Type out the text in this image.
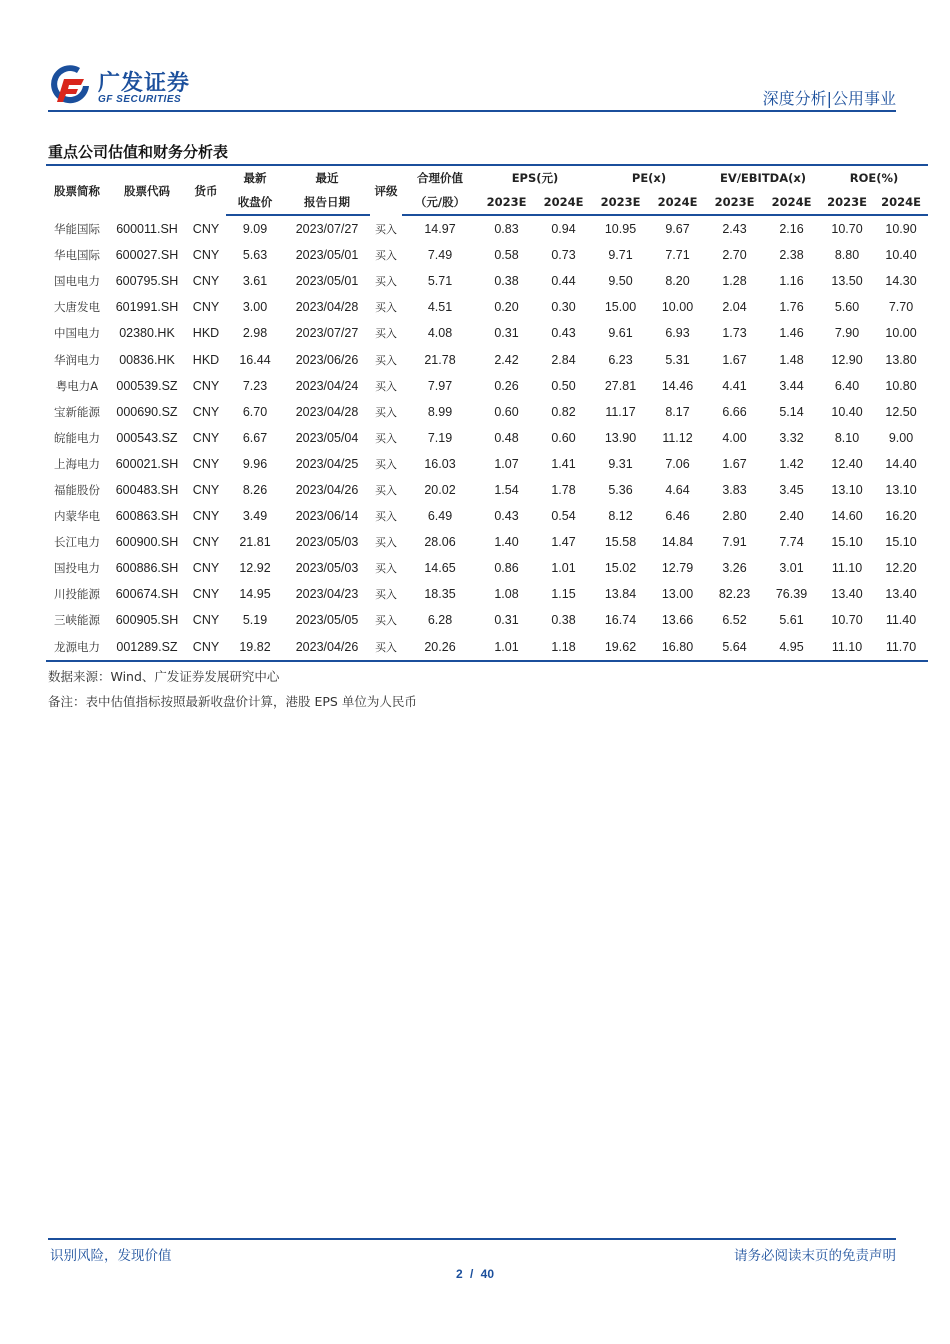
广发证券
GF SECURITIES	深度分析|公用事业
重点公司估值和财务分析表
股票简称	股票代码	货币	最新	最近	评级	合理价值	EPS(元)		PE(x)		EV/EBITDA(x)		ROE(%)	
			收盘价	报告日期		（元/股）	2023E	2024E	2023E	2024E	2023E	2024E	2023E	2024E
华能国际	600011.SH	CNY	9.09	2023/07/27	买入	14.97	0.83	0.94	10.95	9.67	2.43	2.16	10.70	10.90
华电国际	600027.SH	CNY	5.63	2023/05/01	买入	7.49	0.58	0.73	9.71	7.71	2.70	2.38	8.80	10.40
国电电力	600795.SH	CNY	3.61	2023/05/01	买入	5.71	0.38	0.44	9.50	8.20	1.28	1.16	13.50	14.30
大唐发电	601991.SH	CNY	3.00	2023/04/28	买入	4.51	0.20	0.30	15.00	10.00	2.04	1.76	5.60	7.70
中国电力	02380.HK	HKD	2.98	2023/07/27	买入	4.08	0.31	0.43	9.61	6.93	1.73	1.46	7.90	10.00
华润电力	00836.HK	HKD	16.44	2023/06/26	买入	21.78	2.42	2.84	6.23	5.31	1.67	1.48	12.90	13.80
粤电力A	000539.SZ	CNY	7.23	2023/04/24	买入	7.97	0.26	0.50	27.81	14.46	4.41	3.44	6.40	10.80
宝新能源	000690.SZ	CNY	6.70	2023/04/28	买入	8.99	0.60	0.82	11.17	8.17	6.66	5.14	10.40	12.50
皖能电力	000543.SZ	CNY	6.67	2023/05/04	买入	7.19	0.48	0.60	13.90	11.12	4.00	3.32	8.10	9.00
上海电力	600021.SH	CNY	9.96	2023/04/25	买入	16.03	1.07	1.41	9.31	7.06	1.67	1.42	12.40	14.40
福能股份	600483.SH	CNY	8.26	2023/04/26	买入	20.02	1.54	1.78	5.36	4.64	3.83	3.45	13.10	13.10
内蒙华电	600863.SH	CNY	3.49	2023/06/14	买入	6.49	0.43	0.54	8.12	6.46	2.80	2.40	14.60	16.20
长江电力	600900.SH	CNY	21.81	2023/05/03	买入	28.06	1.40	1.47	15.58	14.84	7.91	7.74	15.10	15.10
国投电力	600886.SH	CNY	12.92	2023/05/03	买入	14.65	0.86	1.01	15.02	12.79	3.26	3.01	11.10	12.20
川投能源	600674.SH	CNY	14.95	2023/04/23	买入	18.35	1.08	1.15	13.84	13.00	82.23	76.39	13.40	13.40
三峡能源	600905.SH	CNY	5.19	2023/05/05	买入	6.28	0.31	0.38	16.74	13.66	6.52	5.61	10.70	11.40
龙源电力	001289.SZ	CNY	19.82	2023/04/26	买入	20.26	1.01	1.18	19.62	16.80	5.64	4.95	11.10	11.70
数据来源：Wind、广发证券发展研究中心
备注：表中估值指标按照最新收盘价计算，港股 EPS 单位为人民币
识别风险，发现价值	请务必阅读末页的免责声明
2 / 40
